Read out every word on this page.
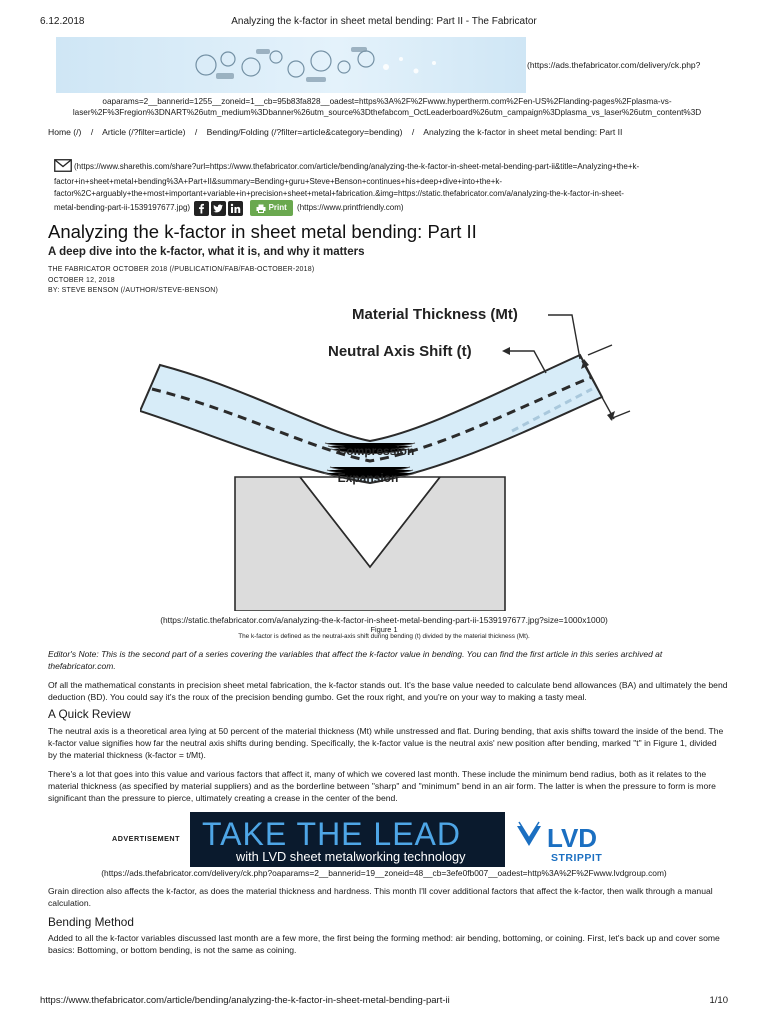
6.12.2018	Analyzing the k-factor in sheet metal bending: Part II - The Fabricator
(https://ads.thefabricator.com/delivery/ck.php?
oaparams=2__bannerid=1255__zoneid=1__cb=95b83fa828__oadest=https%3A%2F%2Fwww.hypertherm.com%2Fen-US%2Flanding-pages%2Fplasma-vs-
laser%2F%3Fregion%3DNART%26utm_medium%3Dbanner%26utm_source%3Dthefabcom_OctLeaderboard%26utm_campaign%3Dplasma_vs_laser%26utm_content%3D
Home (/) / Article (/?filter=article) / Bending/Folding (/?filter=article&category=bending) / Analyzing the k-factor in sheet metal bending: Part II
(https://www.sharethis.com/share?url=https://www.thefabricator.com/article/bending/analyzing-the-k-factor-in-sheet-metal-bending-part-ii&title=Analyzing+the+k-
factor+in+sheet+metal+bending%3A+Part+II&summary=Bending+guru+Steve+Benson+continues+his+deep+dive+into+the+k-
factor%2C+arguably+the+most+important+variable+in+precision+sheet+metal+fabrication.&img=https://static.thefabricator.com/a/analyzing-the-k-factor-in-sheet-
metal-bending-part-ii-1539197677.jpg)
	Print (https://www.printfriendly.com)
Analyzing the k-factor in sheet metal bending: Part II
A deep dive into the k-factor, what it is, and why it matters
THE FABRICATOR OCTOBER 2018 (/PUBLICATION/FAB/FAB-OCTOBER-2018)
OCTOBER 12, 2018
BY: STEVE BENSON (/AUTHOR/STEVE-BENSON)
Compression
Expansion
Material Thickness (Mt)
Neutral Axis Shift (t)
(https://static.thefabricator.com/a/analyzing-the-k-factor-in-sheet-metal-bending-part-ii-1539197677.jpg?size=1000x1000)
Figure 1
The k-factor is defined as the neutral-axis shift during bending (t) divided by the material thickness (Mt).
Editor's Note: This is the second part of a series covering the variables that affect the k-factor value in bending. You can find the first article in this series archived at thefabricator.com.
Of all the mathematical constants in precision sheet metal fabrication, the k-factor stands out. It's the base value needed to calculate bend allowances (BA) and ultimately the bend deduction (BD). You could say it's the roux of the precision bending gumbo. Get the roux right, and you're on your way to making a tasty meal.
A Quick Review
The neutral axis is a theoretical area lying at 50 percent of the material thickness (Mt) while unstressed and flat. During bending, that axis shifts toward the inside of the bend. The k-factor value signifies how far the neutral axis shifts during bending. Specifically, the k-factor value is the neutral axis' new position after bending, marked "t" in Figure 1, divided by the material thickness (k-factor = t/Mt).
There's a lot that goes into this value and various factors that affect it, many of which we covered last month. These include the minimum bend radius, both as it relates to the material thickness (as specified by material suppliers) and as the borderline between "sharp" and "minimum" bend in an air form. The latter is when the pressure to form is more significant than the pressure to pierce, ultimately creating a crease in the center of the bend.
ADVERTISEMENT TAKE THE LEAD
with LVD sheet metalworking technology
LVD
STRIPPIT
(https://ads.thefabricator.com/delivery/ck.php?oaparams=2__bannerid=19__zoneid=48__cb=3efe0fb007__oadest=http%3A%2F%2Fwww.lvdgroup.com)
Grain direction also affects the k-factor, as does the material thickness and hardness. This month I'll cover additional factors that affect the k-factor, then walk through a manual calculation.
Bending Method
Added to all the k-factor variables discussed last month are a few more, the first being the forming method: air bending, bottoming, or coining. First, let's back up and cover some basics: Bottoming, or bottom bending, is not the same as coining.
https://www.thefabricator.com/article/bending/analyzing-the-k-factor-in-sheet-metal-bending-part-ii	1/10
